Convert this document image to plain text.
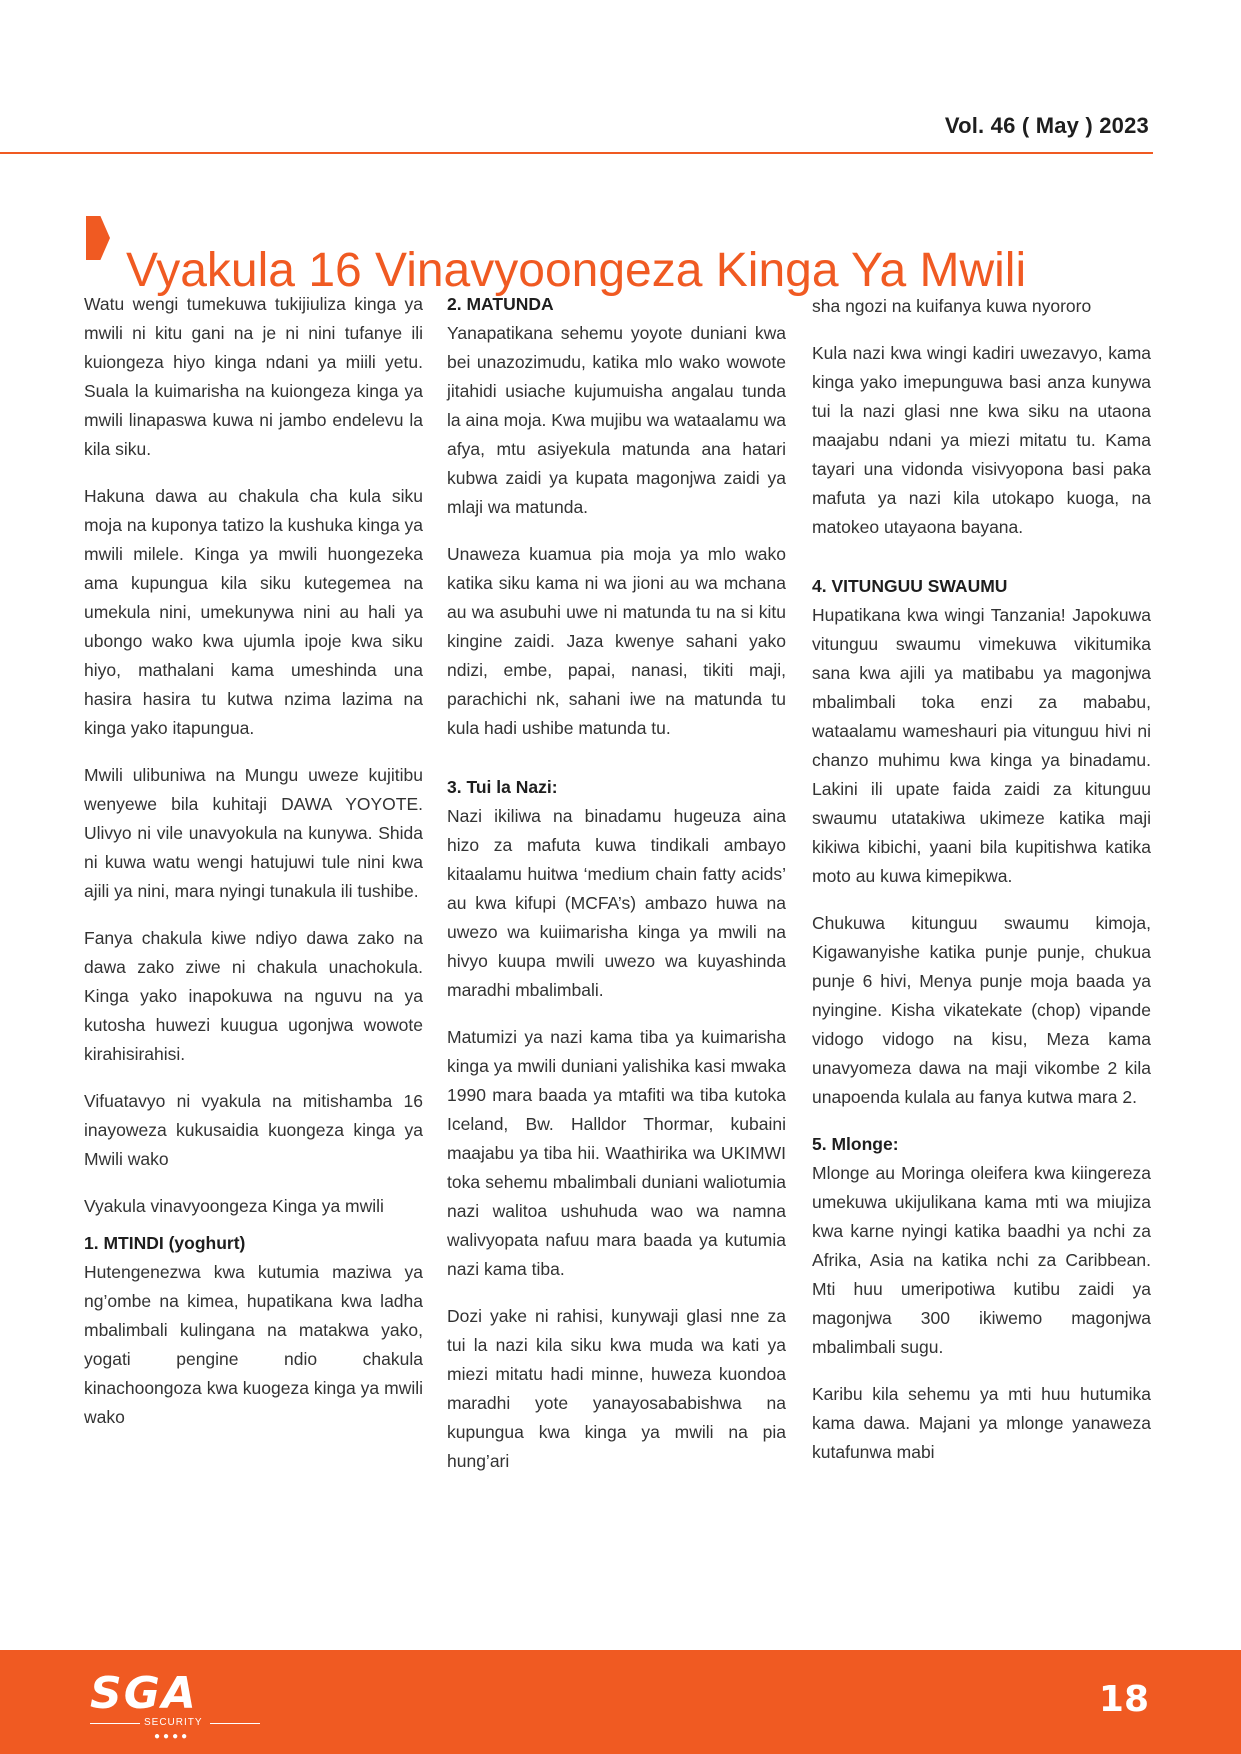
Vol. 46 ( May ) 2023
Vyakula 16 Vinavyoongeza Kinga Ya Mwili

Watu wengi tumekuwa tukijiuliza kinga ya mwili ni kitu gani na je ni nini tufanye ili kuiongeza hiyo kinga ndani ya miili yetu. Suala la kuimarisha na kuiongeza kinga ya mwili linapaswa kuwa ni jambo endelevu la kila siku.

Hakuna dawa au chakula cha kula siku moja na kuponya tatizo la kushuka kinga ya mwili milele. Kinga ya mwili huongezeka ama kupungua kila siku kutegemea na umekula nini, umekunywa nini au hali ya ubongo wako kwa ujumla ipoje kwa siku hiyo, mathalani kama umeshinda una hasira hasira tu kutwa nzima lazima na kinga yako itapungua.

Mwili ulibuniwa na Mungu uweze kujitibu wenyewe bila kuhitaji DAWA YOYOTE. Ulivyo ni vile unavyokula na kunywa. Shida ni kuwa watu wengi hatujuwi tule nini kwa ajili ya nini, mara nyingi tunakula ili tushibe.

Fanya chakula kiwe ndiyo dawa zako na dawa zako ziwe ni chakula unachokula. Kinga yako inapokuwa na nguvu na ya kutosha huwezi kuugua ugonjwa wowote kirahisirahisi.

Vifuatavyo ni vyakula na mitishamba 16 inayoweza kukusaidia kuongeza kinga ya Mwili wako

Vyakula vinavyoongeza Kinga ya mwili

1. MTINDI (yoghurt)

Hutengenezwa kwa kutumia maziwa ya ng’ombe na kimea, hupatikana kwa ladha mbalimbali kulingana na matakwa yako, yogati pengine ndio chakula kinachoongoza kwa kuogeza kinga ya mwili wako

2. MATUNDA

Yanapatikana sehemu yoyote duniani kwa bei unazozimudu, katika mlo wako wowote jitahidi usiache kujumuisha angalau tunda la aina moja. Kwa mujibu wa wataalamu wa afya, mtu asiyekula matunda ana hatari kubwa zaidi ya kupata magonjwa zaidi ya mlaji wa matunda.

Unaweza kuamua pia moja ya mlo wako katika siku kama ni wa jioni au wa mchana au wa asubuhi uwe ni matunda tu na si kitu kingine zaidi. Jaza kwenye sahani yako ndizi, embe, papai, nanasi, tikiti maji, parachichi nk, sahani iwe na matunda tu kula hadi ushibe matunda tu.

3. Tui la Nazi:

Nazi ikiliwa na binadamu hugeuza aina hizo za mafuta kuwa tindikali ambayo kitaalamu huitwa ‘medium chain fatty acids’ au kwa kifupi (MCFA’s) ambazo huwa na uwezo wa kuiimarisha kinga ya mwili na hivyo kuupa mwili uwezo wa kuyashinda maradhi mbalimbali.

Matumizi ya nazi kama tiba ya kuimarisha kinga ya mwili duniani yalishika kasi mwaka 1990 mara baada ya mtafiti wa tiba kutoka Iceland, Bw. Halldor Thormar, kubaini maajabu ya tiba hii. Waathirika wa UKIMWI toka sehemu mbalimbali duniani waliotumia nazi walitoa ushuhuda wao wa namna walivyopata nafuu mara baada ya kutumia nazi kama tiba.

Dozi yake ni rahisi, kunywaji glasi nne za tui la nazi kila siku kwa muda wa kati ya miezi mitatu hadi minne, huweza kuondoa maradhi yote yanayosababishwa na kupungua kwa kinga ya mwili na pia hung’ari

sha ngozi na kuifanya kuwa nyororo

Kula nazi kwa wingi kadiri uwezavyo, kama kinga yako imepunguwa basi anza kunywa tui la nazi glasi nne kwa siku na utaona maajabu ndani ya miezi mitatu tu. Kama tayari una vidonda visivyopona basi paka mafuta ya nazi kila utokapo kuoga, na matokeo utayaona bayana.

4. VITUNGUU SWAUMU

Hupatikana kwa wingi Tanzania! Japokuwa vitunguu swaumu vimekuwa vikitumika sana kwa ajili ya matibabu ya magonjwa mbalimbali toka enzi za mababu, wataalamu wameshauri pia vitunguu hivi ni chanzo muhimu kwa kinga ya binadamu. Lakini ili upate faida zaidi za kitunguu swaumu utatakiwa ukimeze katika maji kikiwa kibichi, yaani bila kupitishwa katika moto au kuwa kimepikwa.

Chukuwa kitunguu swaumu kimoja, Kigawanyishe katika punje punje, chukua punje 6 hivi, Menya punje moja baada ya nyingine. Kisha vikatekate (chop) vipande vidogo vidogo na kisu, Meza kama unavyomeza dawa na maji vikombe 2 kila unapoenda kulala au fanya kutwa mara 2.

5. Mlonge:

Mlonge au Moringa oleifera kwa kiingereza umekuwa ukijulikana kama mti wa miujiza kwa karne nyingi katika baadhi ya nchi za Afrika, Asia na katika nchi za Caribbean. Mti huu umeripotiwa kutibu zaidi ya magonjwa 300 ikiwemo magonjwa mbalimbali sugu.

Karibu kila sehemu ya mti huu hutumika kama dawa. Majani ya mlonge yanaweza kutafunwa mabi

SGA
SECURITY
●●●●
18
